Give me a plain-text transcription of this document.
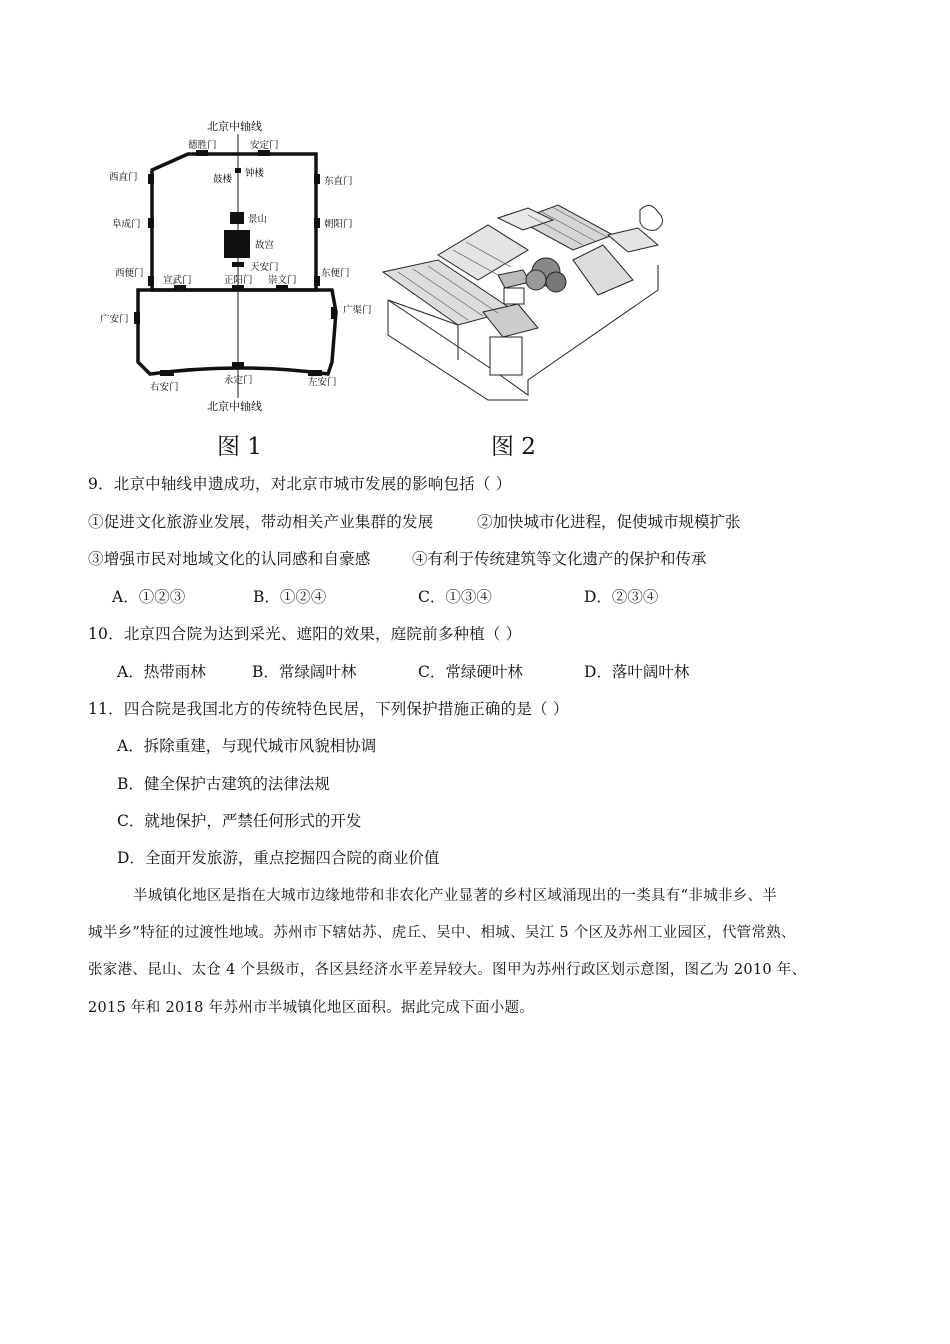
北京中轴线
德胜门	安定门
西直门	东直门
鼓楼
钟楼
阜成门	朝阳门
景山
故宫
天安门
西便门
宣武门	正阳门 崇文门
东便门
广安门
广渠门
右安门
永定门	左安门
北京中轴线
图 1	图 2
9．北京中轴线申遗成功，对北京市城市发展的影响包括（ ）
①促进文化旅游业发展，带动相关产业集群的发展	②加快城市化进程，促使城市规模扩张
③增强市民对地域文化的认同感和自豪感	④有利于传统建筑等文化遗产的保护和传承
A．①②③	B．①②④	C．①③④	D．②③④
10．北京四合院为达到采光、遮阳的效果，庭院前多种植（ ）
A．热带雨林	B．常绿阔叶林	C．常绿硬叶林	D．落叶阔叶林
11．四合院是我国北方的传统特色民居，下列保护措施正确的是（ ）
A．拆除重建，与现代城市风貌相协调
B．健全保护古建筑的法律法规
C．就地保护，严禁任何形式的开发
D．全面开发旅游，重点挖掘四合院的商业价值
半城镇化地区是指在大城市边缘地带和非农化产业显著的乡村区域涌现出的一类具有“非城非乡、半
城半乡”特征的过渡性地域。苏州市下辖姑苏、虎丘、吴中、相城、吴江 5 个区及苏州工业园区，代管常熟、
张家港、昆山、太仓 4 个县级市，各区县经济水平差异较大。图甲为苏州行政区划示意图，图乙为 2010 年、
2015 年和 2018 年苏州市半城镇化地区面积。据此完成下面小题。
